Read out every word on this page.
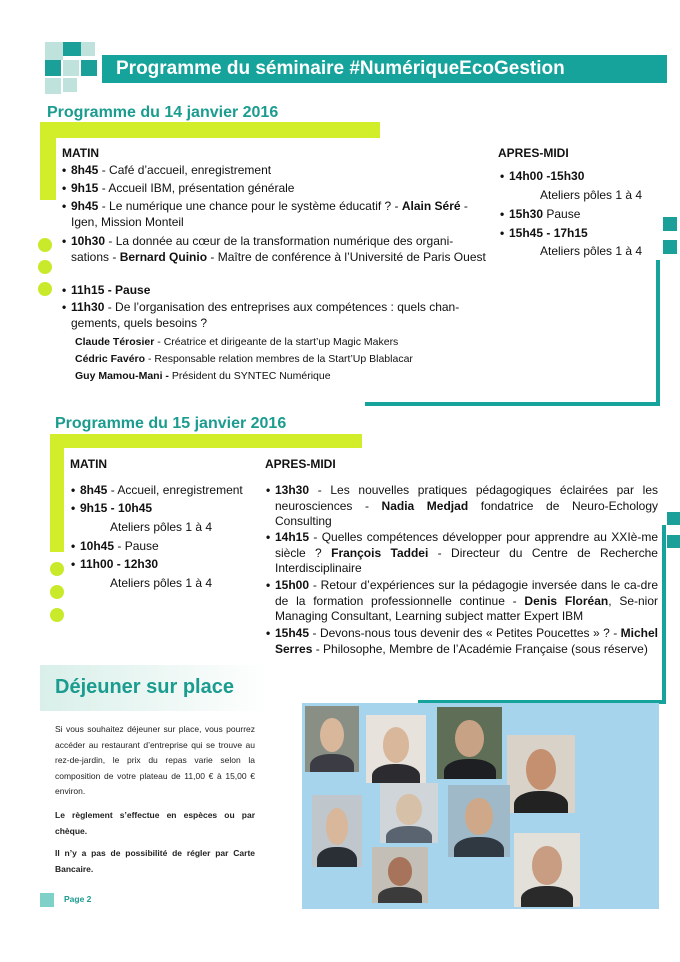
Programme du séminaire #NumériqueEcoGestion
Programme du 14 janvier 2016
MATIN
• 8h45 - Café d’accueil, enregistrement
• 9h15 - Accueil IBM, présentation générale
• 9h45 - Le numérique une chance pour le système éducatif ? - Alain Séré - Igen, Mission Monteil
• 10h30 - La donnée au cœur de la transformation numérique des organi-sations - Bernard Quinio - Maître de conférence à l’Université de Paris Ouest
• 11h15 - Pause
• 11h30 - De l’organisation des entreprises aux compétences : quels chan-gements, quels besoins ?
Claude Térosier - Créatrice et dirigeante de la start’up Magic Makers
Cédric Favéro - Responsable relation membres de la Start’Up Blablacar
Guy Mamou-Mani - Président du SYNTEC Numérique
APRES-MIDI
• 14h00 -15h30
Ateliers pôles 1 à 4
• 15h30 Pause
• 15h45 - 17h15
Ateliers pôles 1 à 4
Programme du 15 janvier 2016
MATIN
• 8h45 - Accueil, enregistrement
• 9h15 - 10h45
Ateliers pôles 1 à 4
• 10h45 - Pause
• 11h00 - 12h30
Ateliers pôles 1 à 4
APRES-MIDI
• 13h30 - Les nouvelles pratiques pédagogiques éclairées par les neurosciences - Nadia Medjad fondatrice de Neuro-Echology Consulting
• 14h15 - Quelles compétences développer pour apprendre au XXIè-me siècle ? François Taddei - Directeur du Centre de Recherche Interdisciplinaire
• 15h00 - Retour d’expériences sur la pédagogie inversée dans le ca-dre de la formation professionnelle continue - Denis Floréan, Se-nior Managing Consultant, Learning subject matter Expert IBM
• 15h45 - Devons-nous tous devenir des « Petites Poucettes » ? - Michel Serres - Philosophe, Membre de l’Académie Française (sous réserve)
Déjeuner sur place
Si vous souhaitez déjeuner sur place, vous pourrez accéder au restaurant d’entreprise qui se trouve au rez-de-jardin, le prix du repas varie selon la composition de votre plateau de 11,00 € à 15,00 € environ.
Le règlement s’effectue en espèces ou par chèque.
Il n’y a pas de possibilité de régler par Carte Bancaire.
Page 2
